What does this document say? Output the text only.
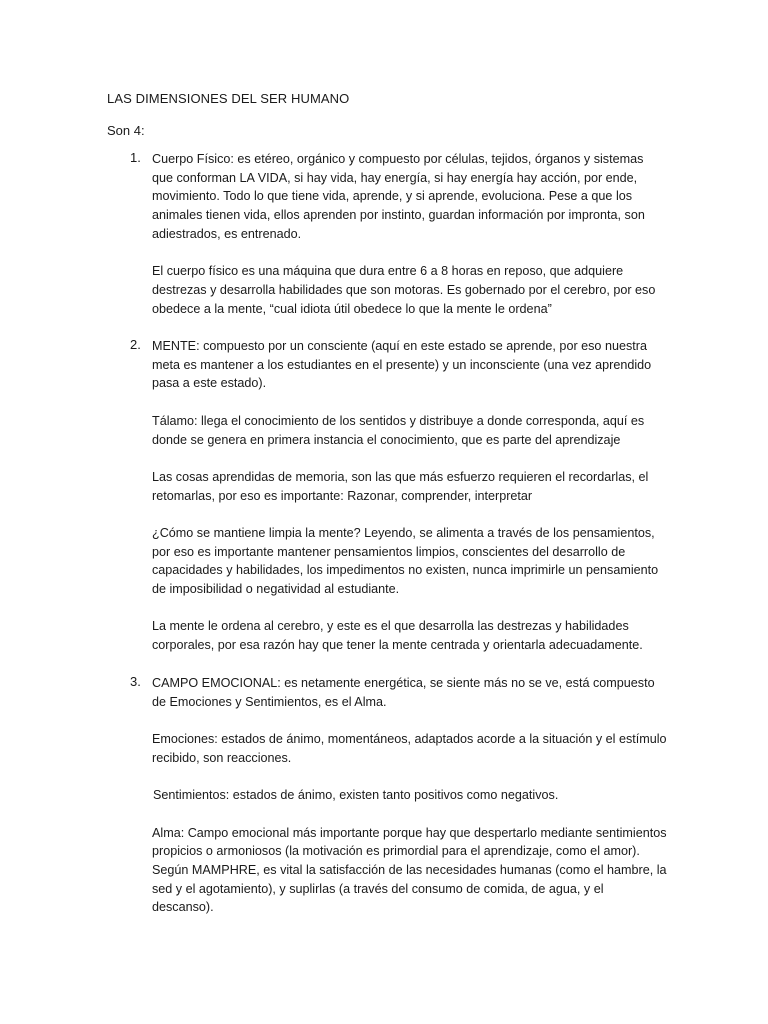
LAS DIMENSIONES DEL SER HUMANO
Son 4:
1. Cuerpo Físico: es etéreo, orgánico y compuesto por células, tejidos, órganos y sistemas que conforman LA VIDA, si hay vida, hay energía, si hay energía hay acción, por ende, movimiento. Todo lo que tiene vida, aprende, y si aprende, evoluciona. Pese a que los animales tienen vida, ellos aprenden por instinto, guardan información por impronta, son adiestrados, es entrenado.

El cuerpo físico es una máquina que dura entre 6 a 8 horas en reposo, que adquiere destrezas y desarrolla habilidades que son motoras. Es gobernado por el cerebro, por eso obedece a la mente, “cual idiota útil obedece lo que la mente le ordena”

2. MENTE: compuesto por un consciente (aquí en este estado se aprende, por eso nuestra meta es mantener a los estudiantes en el presente) y un inconsciente (una vez aprendido pasa a este estado).

Tálamo: llega el conocimiento de los sentidos y distribuye a donde corresponda, aquí es donde se genera en primera instancia el conocimiento, que es parte del aprendizaje

Las cosas aprendidas de memoria, son las que más esfuerzo requieren el recordarlas, el retomarlas, por eso es importante: Razonar, comprender, interpretar

¿Cómo se mantiene limpia la mente? Leyendo, se alimenta a través de los pensamientos, por eso es importante mantener pensamientos limpios, conscientes del desarrollo de capacidades y habilidades, los impedimentos no existen, nunca imprimirle un pensamiento de imposibilidad o negatividad al estudiante.

La mente le ordena al cerebro, y este es el que desarrolla las destrezas y habilidades corporales, por esa razón hay que tener la mente centrada y orientarla adecuadamente.

3. CAMPO EMOCIONAL: es netamente energética, se siente más no se ve, está compuesto de Emociones y Sentimientos, es el Alma.

Emociones: estados de ánimo, momentáneos, adaptados acorde a la situación y el estímulo recibido, son reacciones.

Sentimientos: estados de ánimo, existen tanto positivos como negativos.

Alma: Campo emocional más importante porque hay que despertarlo mediante sentimientos propicios o armoniosos (la motivación es primordial para el aprendizaje, como el amor). Según MAMPHRE, es vital la satisfacción de las necesidades humanas (como el hambre, la sed y el agotamiento), y suplirlas (a través del consumo de comida, de agua, y el descanso).
